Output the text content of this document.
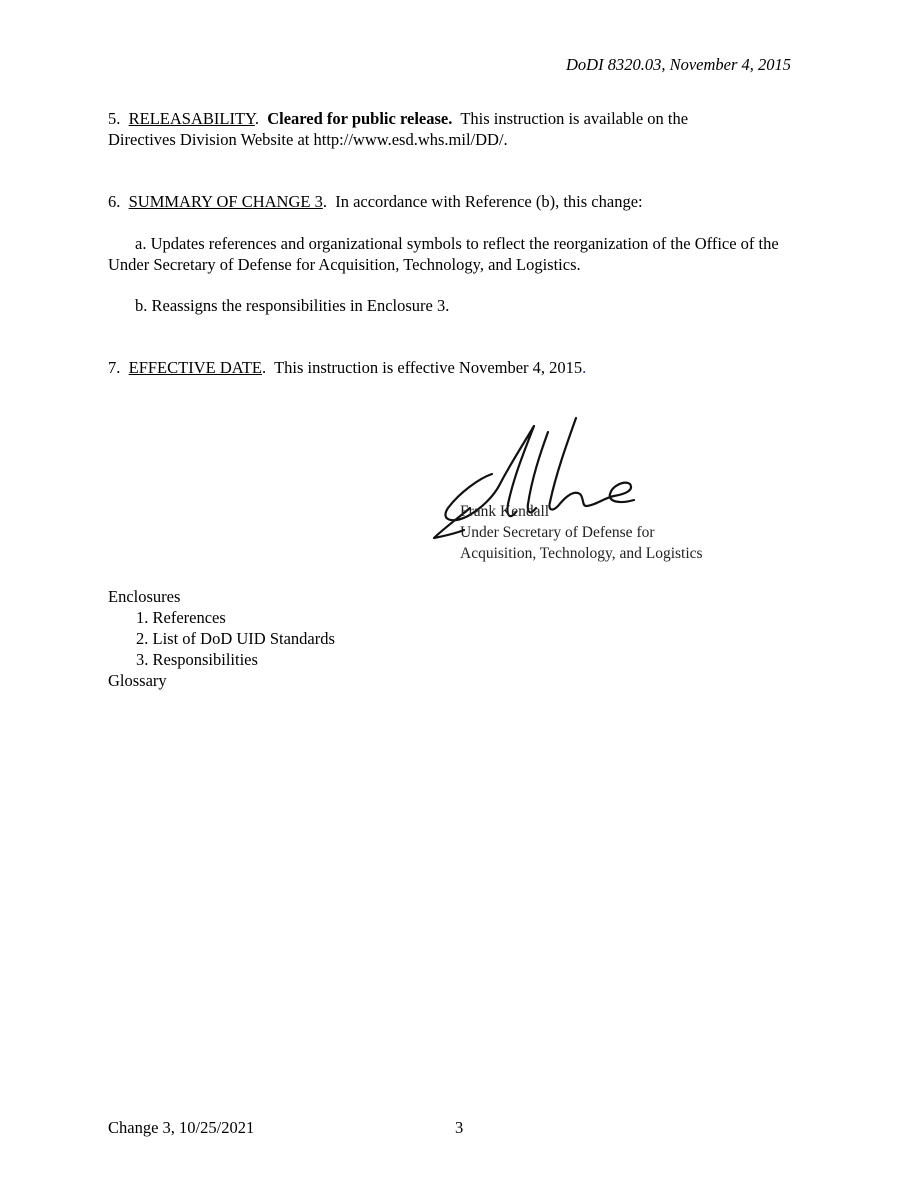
DoDI 8320.03, November 4, 2015
5. RELEASABILITY.  Cleared for public release. This instruction is available on the
Directives Division Website at http://www.esd.whs.mil/DD/.
6. SUMMARY OF CHANGE 3.  In accordance with Reference (b), this change:
a. Updates references and organizational symbols to reflect the reorganization of the Office of the Under Secretary of Defense for Acquisition, Technology, and Logistics.
b. Reassigns the responsibilities in Enclosure 3.
7. EFFECTIVE DATE.  This instruction is effective November 4, 2015.
Frank Kendall
Under Secretary of Defense for
Acquisition, Technology, and Logistics
Enclosures
1. References
2. List of DoD UID Standards
3. Responsibilities
Glossary
Change 3, 10/25/2021	3
